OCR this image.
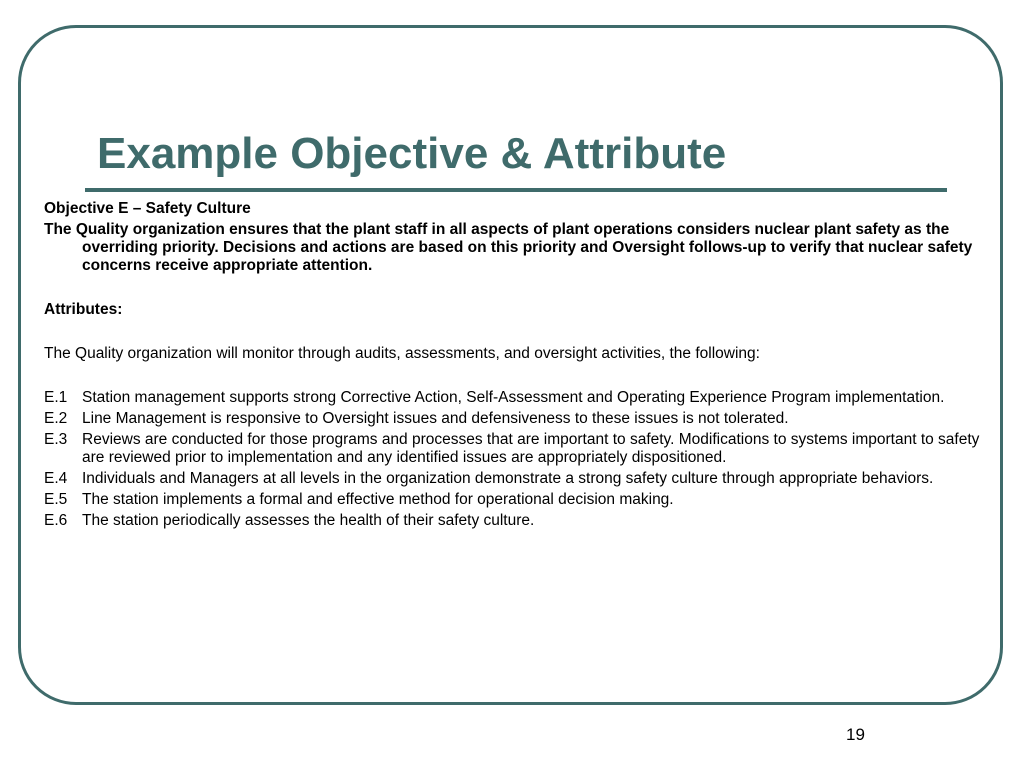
Example Objective & Attribute

Objective E – Safety Culture

The Quality organization ensures that the plant staff in all aspects of plant operations considers nuclear plant safety as the overriding priority. Decisions and actions are based on this priority and Oversight follows-up to verify that nuclear safety concerns receive appropriate attention.

Attributes:

The Quality organization will monitor through audits, assessments, and oversight activities, the following:

E.1 Station management supports strong Corrective Action, Self-Assessment and Operating Experience Program implementation.
E.2 Line Management is responsive to Oversight issues and defensiveness to these issues is not tolerated.
E.3 Reviews are conducted for those programs and processes that are important to safety. Modifications to systems important to safety are reviewed prior to implementation and any identified issues are appropriately dispositioned.
E.4 Individuals and Managers at all levels in the organization demonstrate a strong safety culture through appropriate behaviors.
E.5 The station implements a formal and effective method for operational decision making.
E.6 The station periodically assesses the health of their safety culture.
19
